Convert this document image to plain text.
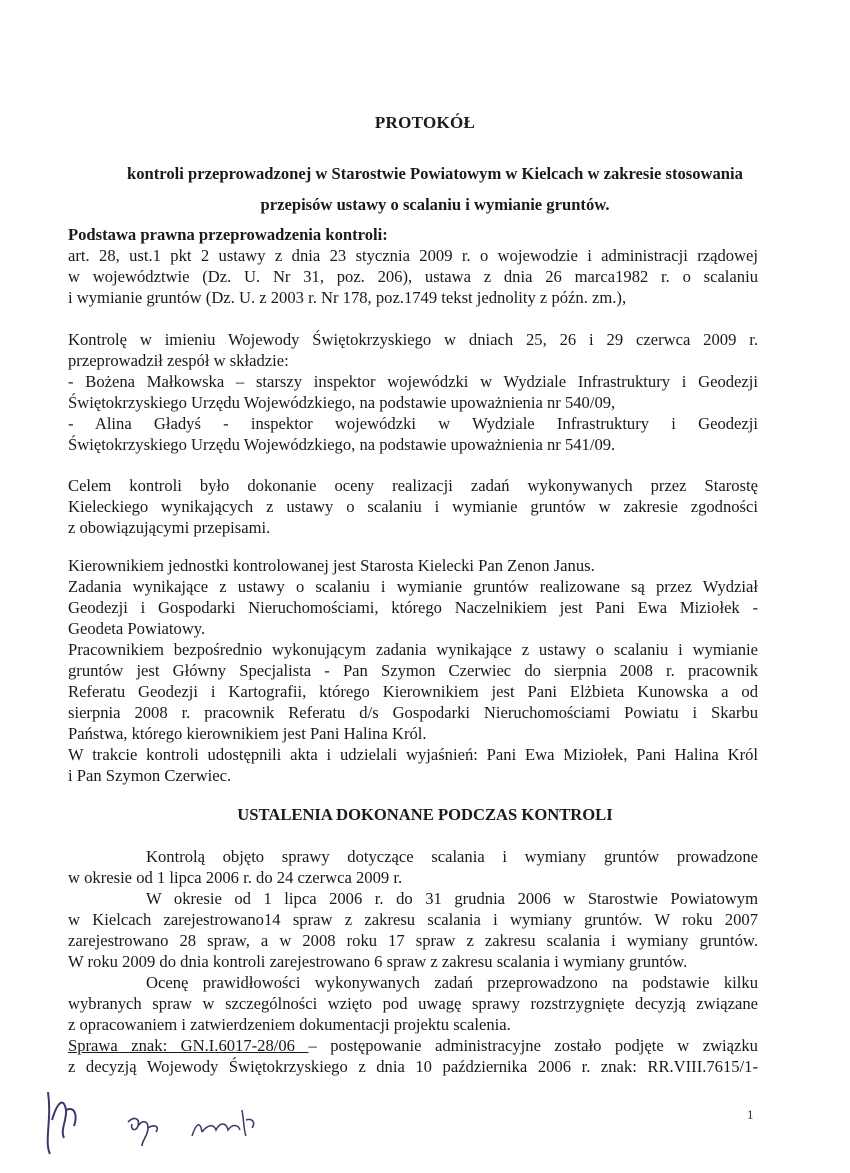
PROTOKÓŁ
kontroli przeprowadzonej w Starostwie Powiatowym w Kielcach w zakresie stosowania
przepisów ustawy o scalaniu i wymianie gruntów.
Podstawa prawna przeprowadzenia kontroli:
art. 28, ust.1 pkt 2 ustawy z dnia 23 stycznia 2009 r. o wojewodzie i administracji rządowej
w województwie (Dz. U. Nr 31, poz. 206), ustawa z dnia 26 marca1982 r. o scalaniu
i wymianie gruntów (Dz. U. z 2003 r. Nr 178, poz.1749 tekst jednolity z późn. zm.),
Kontrolę w imieniu Wojewody Świętokrzyskiego w dniach 25, 26 i 29 czerwca 2009 r.
przeprowadził zespół w składzie:
- Bożena Małkowska – starszy inspektor wojewódzki w Wydziale Infrastruktury i Geodezji
Świętokrzyskiego Urzędu Wojewódzkiego, na podstawie upoważnienia nr 540/09,
- Alina Gładyś - inspektor wojewódzki w Wydziale Infrastruktury i Geodezji
Świętokrzyskiego Urzędu Wojewódzkiego, na podstawie upoważnienia nr 541/09.
Celem kontroli było dokonanie oceny realizacji zadań wykonywanych przez Starostę
Kieleckiego wynikających z ustawy o scalaniu i wymianie gruntów w zakresie zgodności
z obowiązującymi przepisami.
Kierownikiem jednostki kontrolowanej jest Starosta Kielecki Pan Zenon Janus.
Zadania wynikające z ustawy o scalaniu i wymianie gruntów realizowane są przez Wydział
Geodezji i Gospodarki Nieruchomościami, którego Naczelnikiem jest Pani Ewa Miziołek -
Geodeta Powiatowy.
Pracownikiem bezpośrednio wykonującym zadania wynikające z ustawy o scalaniu i wymianie
gruntów jest Główny Specjalista - Pan Szymon Czerwiec do sierpnia 2008 r. pracownik
Referatu Geodezji i Kartografii, którego Kierownikiem jest Pani Elżbieta Kunowska a od
sierpnia 2008 r. pracownik Referatu d/s Gospodarki Nieruchomościami Powiatu i Skarbu
Państwa, którego kierownikiem jest Pani Halina Król.
W trakcie kontroli udostępnili akta i udzielali wyjaśnień: Pani Ewa Miziołek, Pani Halina Król
i Pan Szymon Czerwiec.
USTALENIA DOKONANE PODCZAS KONTROLI
Kontrolą objęto sprawy dotyczące scalania i wymiany gruntów prowadzone
w okresie od 1 lipca 2006 r. do 24 czerwca 2009 r.
W okresie od 1 lipca 2006 r. do 31 grudnia 2006 w Starostwie Powiatowym
w Kielcach zarejestrowano14 spraw z zakresu scalania i wymiany gruntów. W roku 2007
zarejestrowano 28 spraw, a w 2008 roku 17 spraw z zakresu scalania i wymiany gruntów.
W roku 2009 do dnia kontroli zarejestrowano 6 spraw z zakresu scalania i wymiany gruntów.
Ocenę prawidłowości wykonywanych zadań przeprowadzono na podstawie kilku
wybranych spraw w szczególności wzięto pod uwagę sprawy rozstrzygnięte decyzją związane
z opracowaniem i zatwierdzeniem dokumentacji projektu scalenia.
Sprawa znak: GN.I.6017-28/06 – postępowanie administracyjne zostało podjęte w związku
z decyzją Wojewody Świętokrzyskiego z dnia 10 października 2006 r. znak: RR.VIII.7615/1-
1
